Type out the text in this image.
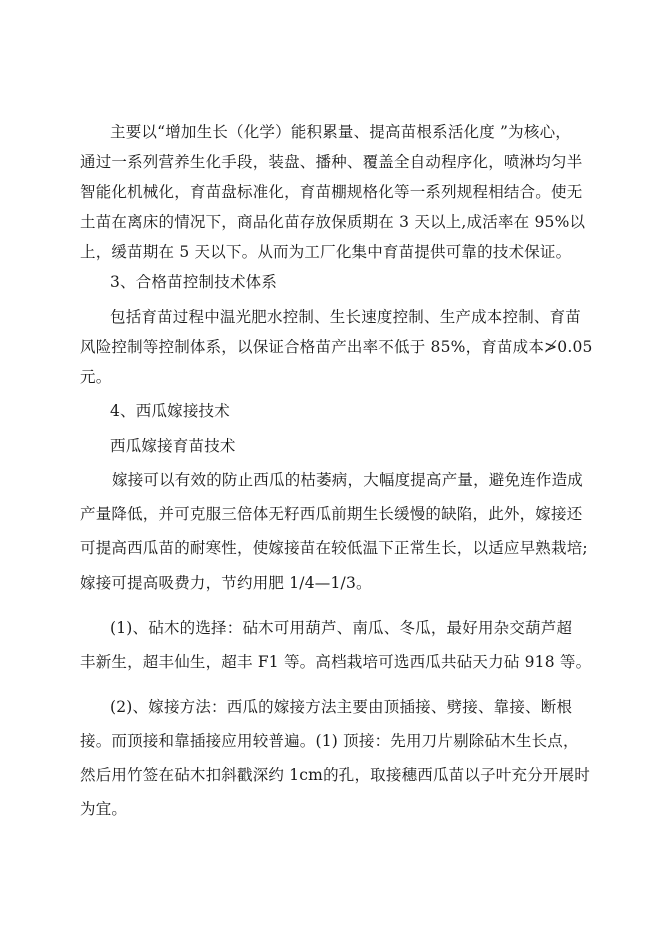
主要以“增加生长（化学）能积累量、提高苗根系活化度 ”为核心，
通过一系列营养生化手段，装盘、播种、覆盖全自动程序化，喷淋均匀半
智能化机械化，育苗盘标准化，育苗棚规格化等一系列规程相结合。使无
土苗在离床的情况下，商品化苗存放保质期在 3 天以上,成活率在 95%以
上，缓苗期在 5 天以下。从而为工厂化集中育苗提供可靠的技术保证。
3、合格苗控制技术体系
包括育苗过程中温光肥水控制、生长速度控制、生产成本控制、育苗
风险控制等控制体系，以保证合格苗产出率不低于 85%，育苗成本≯0.05
元。
4、西瓜嫁接技术
西瓜嫁接育苗技术
嫁接可以有效的防止西瓜的枯萎病，大幅度提高产量，避免连作造成
产量降低，并可克服三倍体无籽西瓜前期生长缓慢的缺陷，此外，嫁接还
可提高西瓜苗的耐寒性，使嫁接苗在较低温下正常生长，以适应早熟栽培;
嫁接可提高吸费力，节约用肥 1/4—1/3。
(1)、砧木的选择：砧木可用葫芦、南瓜、冬瓜，最好用杂交葫芦超
丰新生，超丰仙生，超丰 F1 等。高档栽培可选西瓜共砧天力砧 918 等。
(2)、嫁接方法：西瓜的嫁接方法主要由顶插接、劈接、靠接、断根
接。而顶接和靠插接应用较普遍。(1) 顶接：先用刀片剔除砧木生长点，
然后用竹签在砧木扣斜戳深约 1cm的孔，取接穗西瓜苗以子叶充分开展时
为宜。
